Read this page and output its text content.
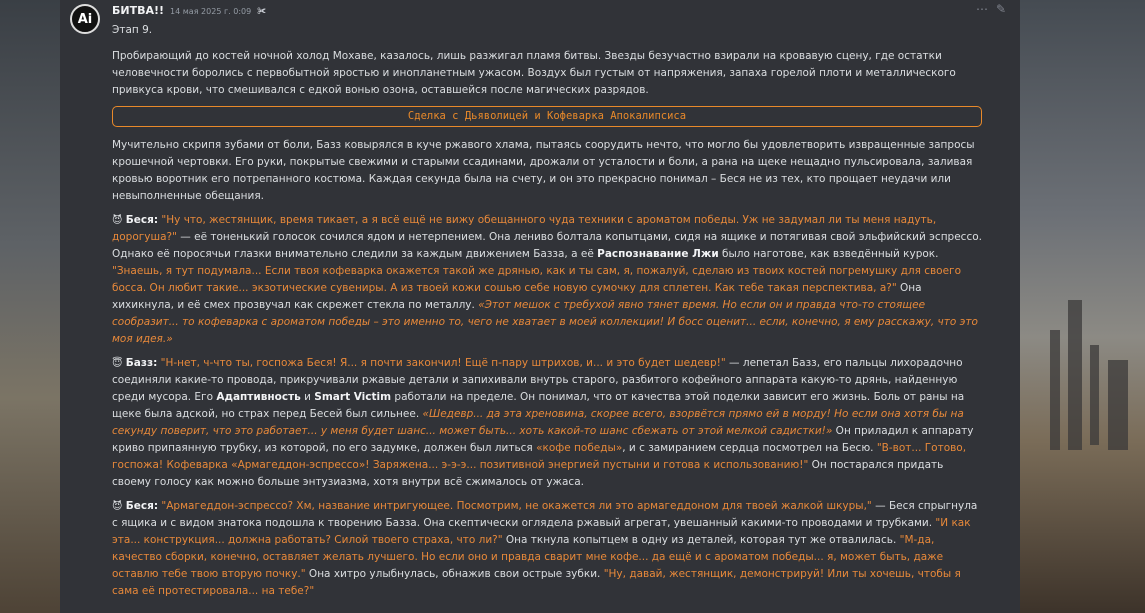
Ai
БИТВА!! 14 мая 2025 г. 0:09 ✀	⋯ ✎

Этап 9.

Пробирающий до костей ночной холод Мохаве, казалось, лишь разжигал пламя битвы. Звезды безучастно взирали на кровавую сцену, где остатки человечности боролись с первобытной яростью и инопланетным ужасом. Воздух был густым от напряжения, запаха горелой плоти и металлического привкуса крови, что смешивался с едкой вонью озона, оставшейся после магических разрядов.

Сделка с Дьяволицей и Кофеварка Апокалипсиса

Мучительно скрипя зубами от боли, Базз ковырялся в куче ржавого хлама, пытаясь соорудить нечто, что могло бы удовлетворить извращенные запросы крошечной чертовки. Его руки, покрытые свежими и старыми ссадинами, дрожали от усталости и боли, а рана на щеке нещадно пульсировала, заливая кровью воротник его потрепанного костюма. Каждая секунда была на счету, и он это прекрасно понимал – Беся не из тех, кто прощает неудачи или невыполненные обещания.

😈 Беся: "Ну что, жестянщик, время тикает, а я всё ещё не вижу обещанного чуда техники с ароматом победы. Уж не задумал ли ты меня надуть, дорогуша?" — её тоненький голосок сочился ядом и нетерпением. Она лениво болтала копытцами, сидя на ящике и потягивая свой эльфийский эспрессо. Однако её поросячьи глазки внимательно следили за каждым движением Базза, а её Распознавание Лжи было наготове, как взведённый курок. "Знаешь, я тут подумала... Если твоя кофеварка окажется такой же дрянью, как и ты сам, я, пожалуй, сделаю из твоих костей погремушку для своего босса. Он любит такие... экзотические сувениры. А из твоей кожи сошью себе новую сумочку для сплетен. Как тебе такая перспектива, а?" Она хихикнула, и её смех прозвучал как скрежет стекла по металлу. «Этот мешок с требухой явно тянет время. Но если он и правда что-то стоящее сообразит... то кофеварка с ароматом победы – это именно то, чего не хватает в моей коллекции! И босс оценит... если, конечно, я ему расскажу, что это моя идея.»

😇 Базз: "Н-нет, ч-что ты, госпожа Беся! Я... я почти закончил! Ещё п-пару штрихов, и... и это будет шедевр!" — лепетал Базз, его пальцы лихорадочно соединяли какие-то провода, прикручивали ржавые детали и запихивали внутрь старого, разбитого кофейного аппарата какую-то дрянь, найденную среди мусора. Его Адаптивность и Smart Victim работали на пределе. Он понимал, что от качества этой поделки зависит его жизнь. Боль от раны на щеке была адской, но страх перед Бесей был сильнее. «Шедевр... да эта хреновина, скорее всего, взорвётся прямо ей в морду! Но если она хотя бы на секунду поверит, что это работает... у меня будет шанс... может быть... хоть какой-то шанс сбежать от этой мелкой садистки!» Он приладил к аппарату криво припаянную трубку, из которой, по его задумке, должен был литься «кофе победы», и с замиранием сердца посмотрел на Бесю. "В-вот... Готово, госпожа! Кофеварка «Армагеддон-эспрессо»! Заряжена... э-э-э... позитивной энергией пустыни и готова к использованию!" Он постарался придать своему голосу как можно больше энтузиазма, хотя внутри всё сжималось от ужаса.

😈 Беся: "Армагеддон-эспрессо? Хм, название интригующее. Посмотрим, не окажется ли это армагеддоном для твоей жалкой шкуры," — Беся спрыгнула с ящика и с видом знатока подошла к творению Базза. Она скептически оглядела ржавый агрегат, увешанный какими-то проводами и трубками. "И как эта... конструкция... должна работать? Силой твоего страха, что ли?" Она ткнула копытцем в одну из деталей, которая тут же отвалилась. "М-да, качество сборки, конечно, оставляет желать лучшего. Но если оно и правда сварит мне кофе... да ещё и с ароматом победы... я, может быть, даже оставлю тебе твою вторую почку." Она хитро улыбнулась, обнажив свои острые зубки. "Ну, давай, жестянщик, демонстрируй! Или ты хочешь, чтобы я сама её протестировала... на тебе?"
